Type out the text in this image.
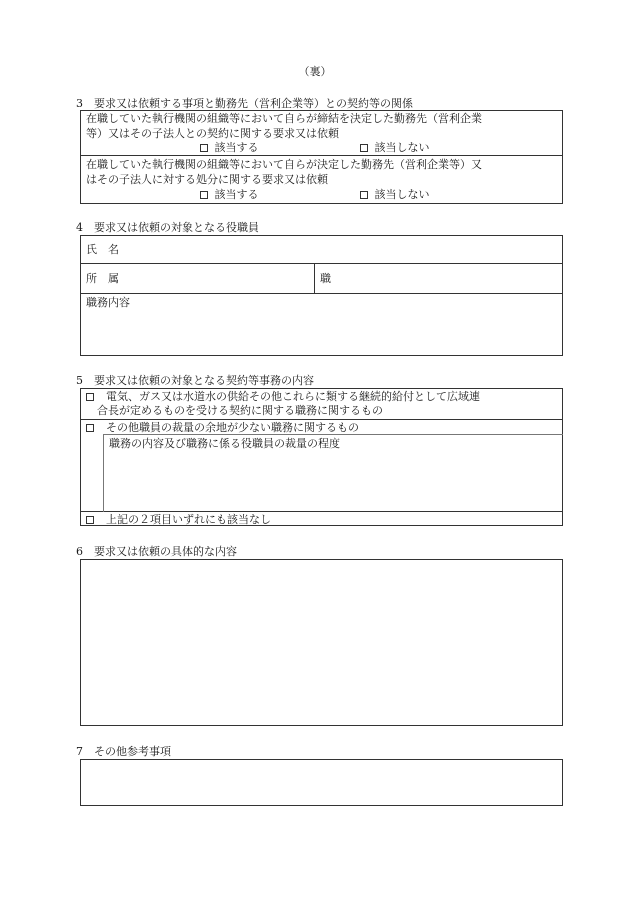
（裏）
3　要求又は依頼する事項と勤務先（営利企業等）との契約等の関係
在職していた執行機関の組織等において自らが締結を決定した勤務先（営利企業
等）又はその子法人との契約に関する要求又は依頼
該当する	該当しない
在職していた執行機関の組織等において自らが決定した勤務先（営利企業等）又
はその子法人に対する処分に関する要求又は依頼
該当する	該当しない
4　要求又は依頼の対象となる役職員
氏　名
所　属	職
職務内容
5　要求又は依頼の対象となる契約等事務の内容
電気、ガス又は水道水の供給その他これらに類する継続的給付として広域連
合長が定めるものを受ける契約に関する職務に関するもの
その他職員の裁量の余地が少ない職務に関するもの
職務の内容及び職務に係る役職員の裁量の程度
上記の２項目いずれにも該当なし
6　要求又は依頼の具体的な内容
7　その他参考事項
